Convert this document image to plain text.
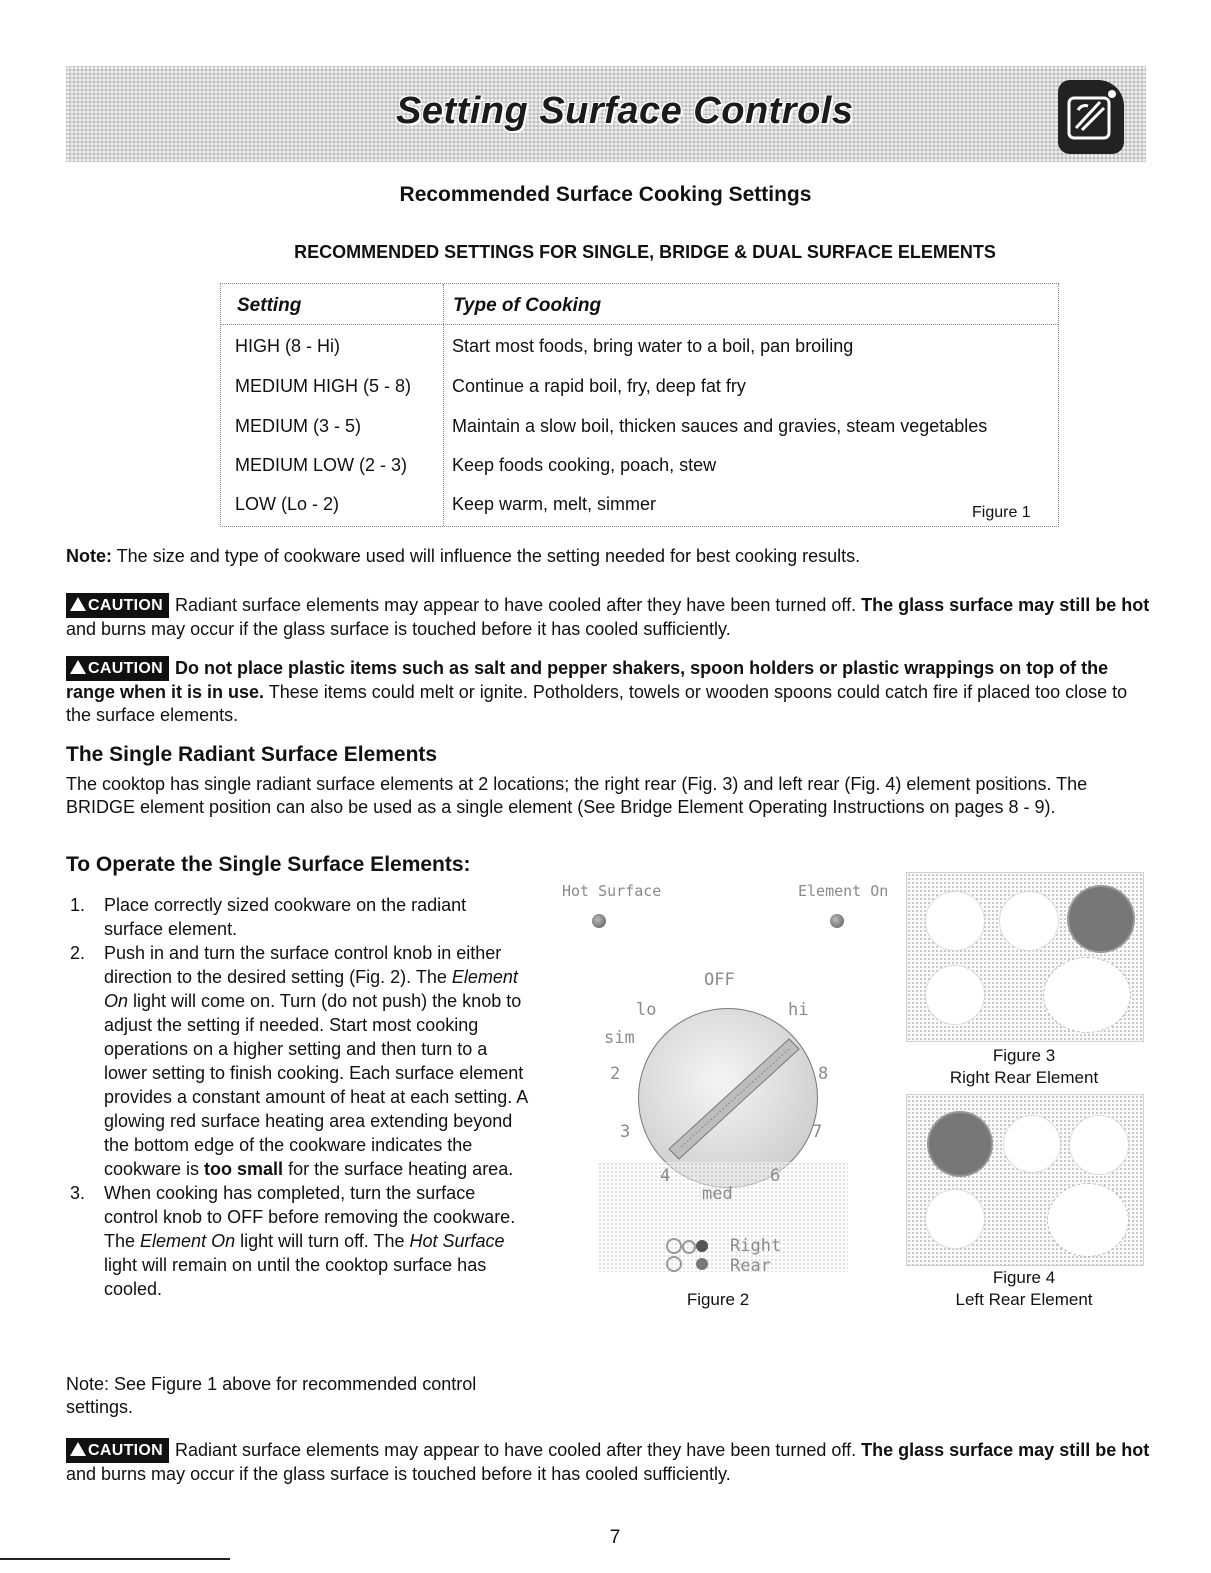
Setting Surface Controls
Recommended Surface Cooking Settings
RECOMMENDED SETTINGS FOR SINGLE, BRIDGE & DUAL SURFACE ELEMENTS
Setting	Type of Cooking
HIGH (8 - Hi)	Start most foods, bring water to a boil, pan broiling
MEDIUM HIGH (5 - 8) Continue a rapid boil, fry, deep fat fry
MEDIUM (3 - 5)	Maintain a slow boil, thicken sauces and gravies, steam vegetables
MEDIUM LOW (2 - 3) Keep foods cooking, poach, stew
LOW (Lo - 2)	Keep warm, melt, simmer	Figure 1

Note: The size and type of cookware used will influence the setting needed for best cooking results.

CAUTION Radiant surface elements may appear to have cooled after they have been turned off. The glass surface may still be hot and burns may occur if the glass surface is touched before it has cooled sufficiently.

CAUTION Do not place plastic items such as salt and pepper shakers, spoon holders or plastic wrappings on top of the range when it is in use. These items could melt or ignite. Potholders, towels or wooden spoons could catch fire if placed too close to the surface elements.

The Single Radiant Surface Elements

The cooktop has single radiant surface elements at 2 locations; the right rear (Fig. 3) and left rear (Fig. 4) element positions. The BRIDGE element position can also be used as a single element (See Bridge Element Operating Instructions on pages 8 - 9).

To Operate the Single Surface Elements:
1. Place correctly sized cookware on the radiant surface element.
2. Push in and turn the surface control knob in either direction to the desired setting (Fig. 2). The Element On light will come on. Turn (do not push) the knob to adjust the setting if needed. Start most cooking operations on a higher setting and then turn to a lower setting to finish cooking. Each surface element provides a constant amount of heat at each setting. A glowing red surface heating area extending beyond the bottom edge of the cookware indicates the cookware is too small for the surface heating area.
3. When cooking has completed, turn the surface control knob to OFF before removing the cookware. The Element On light will turn off. The Hot Surface light will remain on until the cooktop surface has cooled.

Note: See Figure 1 above for recommended control settings.

Hot Surface	Element On
OFF
lo	hi
sim
2	8
3	7
4	6
med
Right
Rear
Figure 2
Figure 3
Right Rear Element
Figure 4
Left Rear Element

CAUTION Radiant surface elements may appear to have cooled after they have been turned off. The glass surface may still be hot and burns may occur if the glass surface is touched before it has cooled sufficiently.

7
